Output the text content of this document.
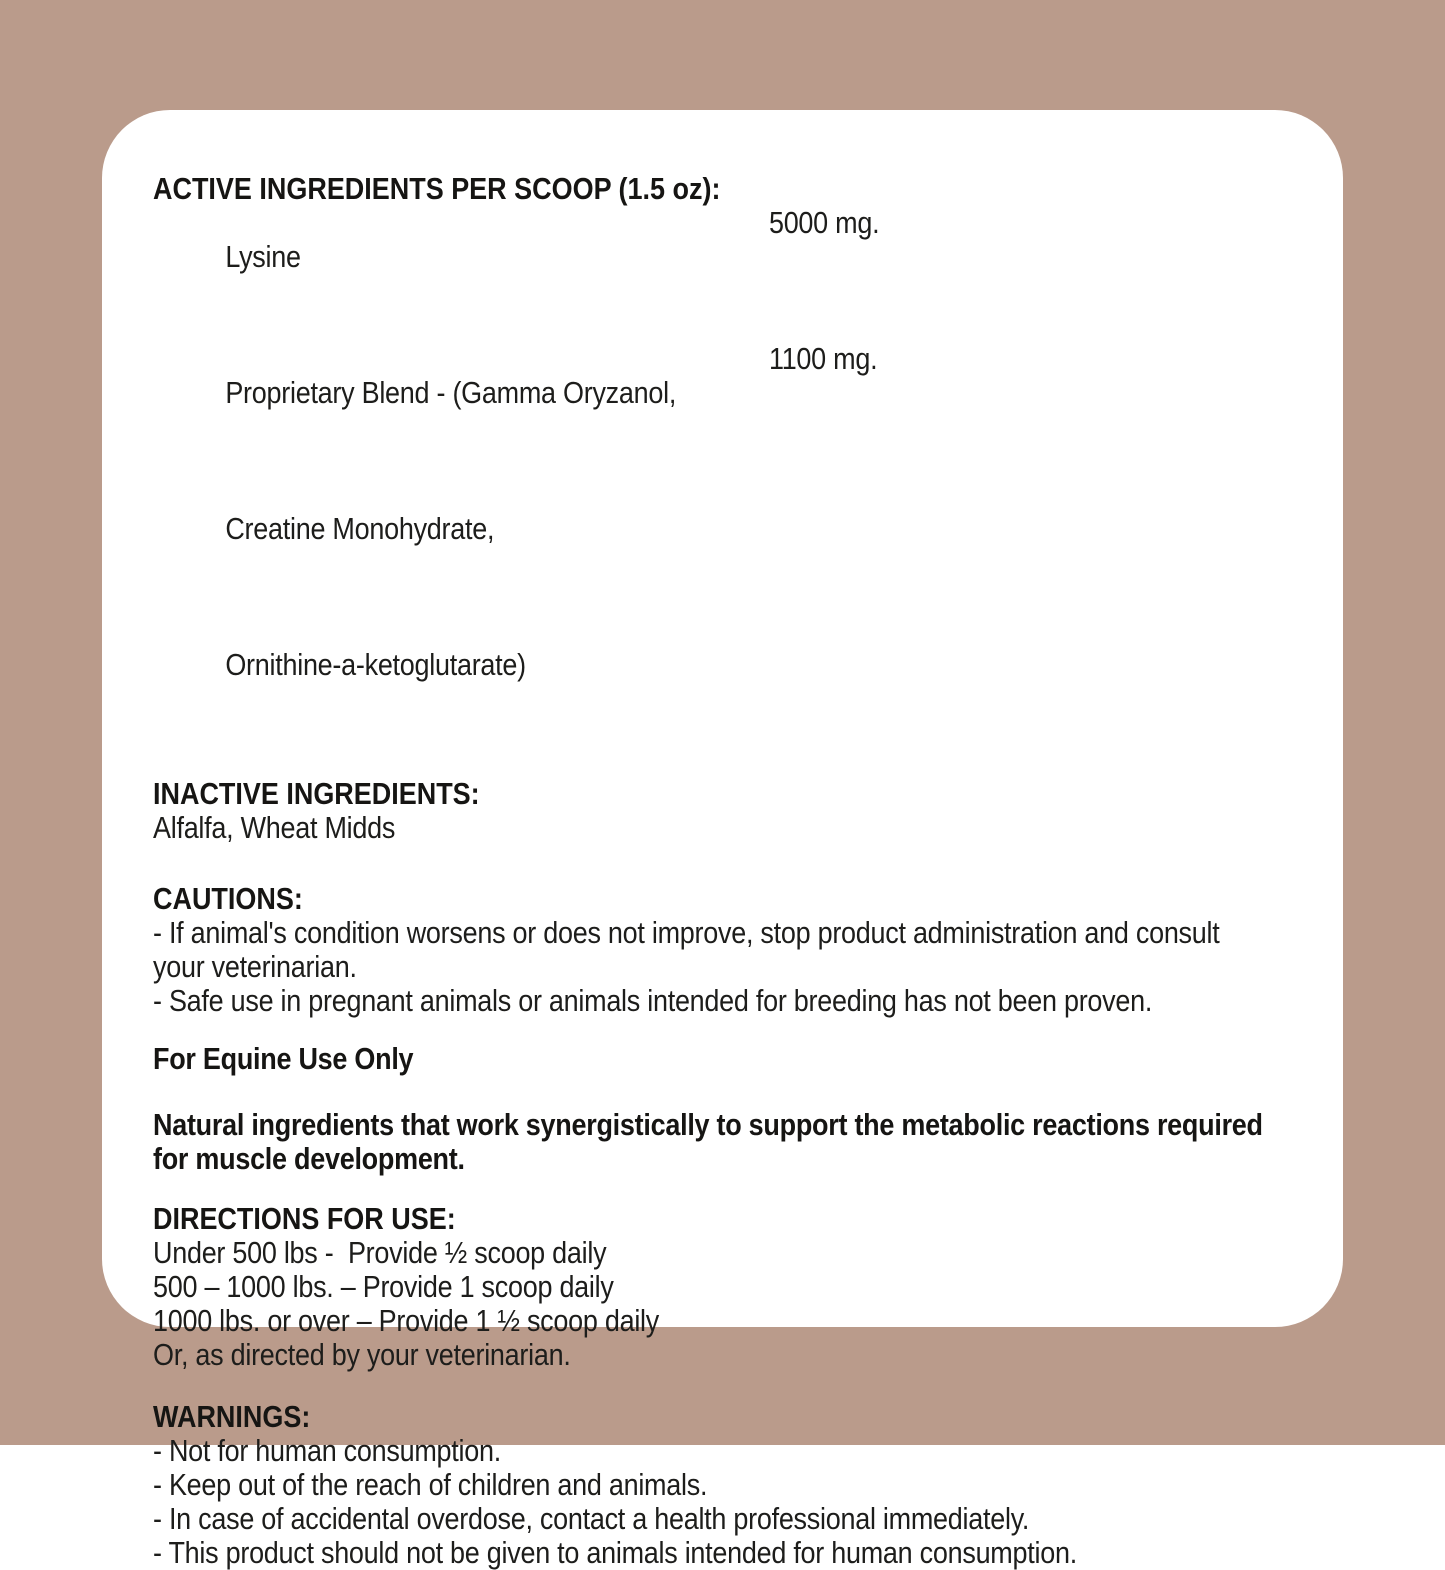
ACTIVE INGREDIENTS PER SCOOP (1.5 oz):

Lysine

5000 mg.

Proprietary Blend - (Gamma Oryzanol,

1100 mg.

Creatine Monohydrate,

Ornithine-a-ketoglutarate)

INACTIVE INGREDIENTS:
Alfalfa, Wheat Midds
CAUTIONS:
- If animal's condition worsens or does not improve, stop product administration and consult
your veterinarian.
- Safe use in pregnant animals or animals intended for breeding has not been proven.
For Equine Use Only
Natural ingredients that work synergistically to support the metabolic reactions required
for muscle development.
DIRECTIONS FOR USE:
Under 500 lbs -  Provide ½ scoop daily
500 – 1000 lbs. – Provide 1 scoop daily
1000 lbs. or over – Provide 1 ½ scoop daily
Or, as directed by your veterinarian.
WARNINGS:
- Not for human consumption.
- Keep out of the reach of children and animals.
- In case of accidental overdose, contact a health professional immediately.
- This product should not be given to animals intended for human consumption.
